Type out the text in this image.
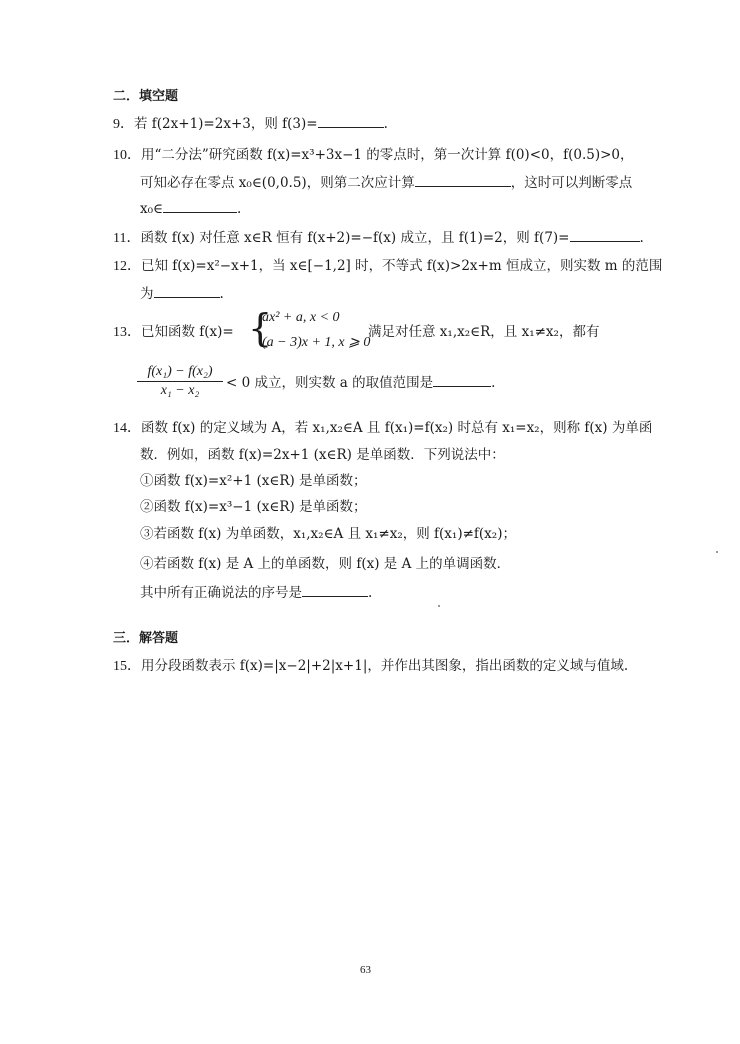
二．填空题
9．若 f(2x+1)=2x+3，则 f(3)=	.
10．用“二分法”研究函数 f(x)=x³+3x−1 的零点时，第一次计算 f(0)<0，f(0.5)>0，
可知必存在零点 x₀∈(0,0.5)，则第二次应计算	，这时可以判断零点
x₀∈	.
11．函数 f(x) 对任意 x∈R 恒有 f(x+2)=−f(x) 成立，且 f(1)=2，则 f(7)=	.
12．已知 f(x)=x²−x+1，当 x∈[−1,2] 时，不等式 f(x)>2x+m 恒成立，则实数 m 的范围
为	.
13．已知函数 f(x)= {
ax² + a, x < 0
(a − 3)x + 1, x ⩾ 0
满足对任意 x₁,x₂∈R，且 x₁≠x₂，都有
f(x₁) − f(x₂)
x₁ − x₂	< 0 成立，则实数 a 的取值范围是	.
14．函数 f(x) 的定义域为 A，若 x₁,x₂∈A 且 f(x₁)=f(x₂) 时总有 x₁=x₂，则称 f(x) 为单函
数．例如，函数 f(x)=2x+1 (x∈R) 是单函数．下列说法中：
①函数 f(x)=x²+1 (x∈R) 是单函数；
②函数 f(x)=x³−1 (x∈R) 是单函数；
③若函数 f(x) 为单函数，x₁,x₂∈A 且 x₁≠x₂，则 f(x₁)≠f(x₂)；
④若函数 f(x) 是 A 上的单函数，则 f(x) 是 A 上的单调函数．
其中所有正确说法的序号是	.
三．解答题
15．用分段函数表示 f(x)=|x−2|+2|x+1|，并作出其图象，指出函数的定义域与值域.
63
